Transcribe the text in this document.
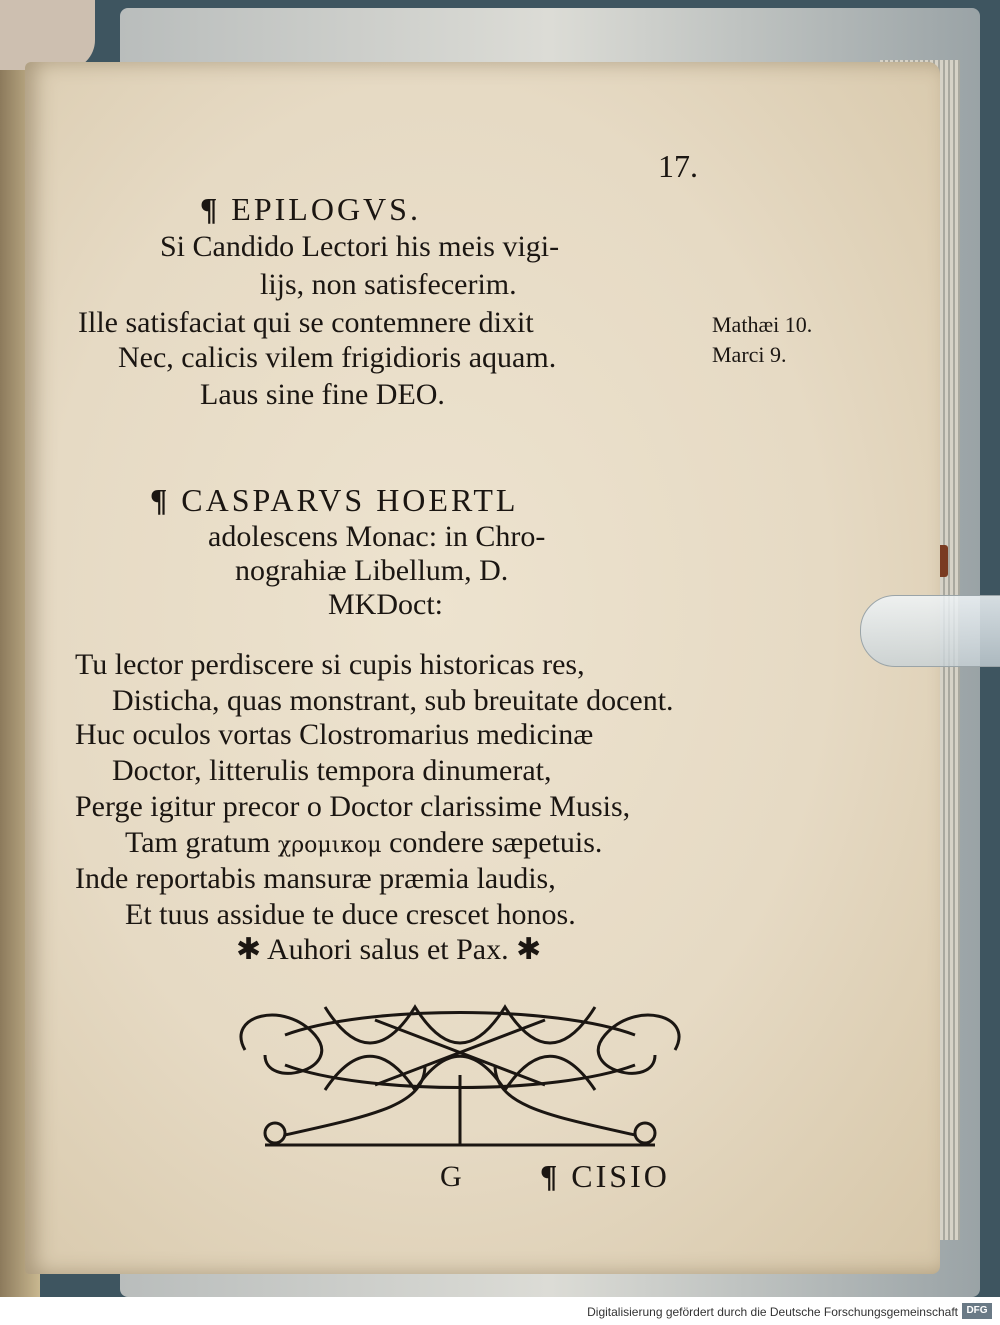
17.
¶ EPILOGVS.
Si Candido Lectori his meis vigi-
lijs, non satisfecerim.
Ille satisfaciat qui se contemnere dixit
Nec, calicis vilem frigidioris aquam.
Laus sine fine DEO.
Mathæi 10.
Marci 9.
¶ CASPARVS HOERTL
adolescens Monac: in Chro-
nograhiæ Libellum, D.
MKDoct:
Tu lector perdiscere si cupis historicas res,
Disticha, quas monstrant, sub breuitate docent.
Huc oculos vortas Clostromarius medicinæ
Doctor, litterulis tempora dinumerat,
Perge igitur precor o Doctor clarissime Musis,
Tam gratum χρομικομ condere sæpetuis.
Inde reportabis mansuræ præmia laudis,
Et tuus assidue te duce crescet honos.
✱ Auhori salus et Pax. ✱
G ¶ CISIO
Digitalisierung gefördert durch die Deutsche Forschungsgemeinschaft DFG
